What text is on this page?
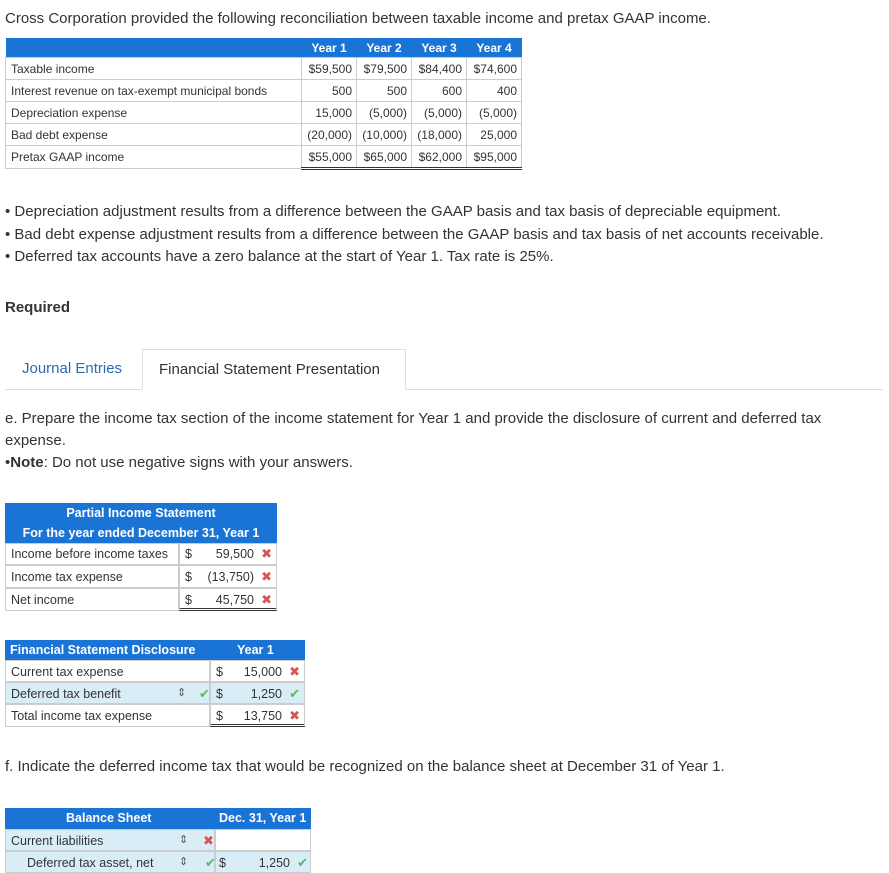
Cross Corporation provided the following reconciliation between taxable income and pretax GAAP income.
	Year 1	Year 2	Year 3	Year 4
Taxable income	$59,500	$79,500	$84,400	$74,600
Interest revenue on tax-exempt municipal bonds	500	500	600	400
Depreciation expense	15,000	(5,000)	(5,000)	(5,000)
Bad debt expense	(20,000)	(10,000)	(18,000)	25,000
Pretax GAAP income	$55,000	$65,000	$62,000	$95,000
• Depreciation adjustment results from a difference between the GAAP basis and tax basis of depreciable equipment.
• Bad debt expense adjustment results from a difference between the GAAP basis and tax basis of net accounts receivable.
• Deferred tax accounts have a zero balance at the start of Year 1. Tax rate is 25%.
Required
Journal Entries	Financial Statement Presentation
e. Prepare the income tax section of the income statement for Year 1 and provide the disclosure of current and deferred tax expense.
•Note: Do not use negative signs with your answers.
Partial Income Statement
For the year ended December 31, Year 1
Income before income taxes	$ 59,500 ✖
Income tax expense	$ (13,750) ✖
Net income	$ 45,750 ✖
Financial Statement Disclosure	Year 1
Current tax expense	$ 15,000 ✖
Deferred tax benefit	⇕ ✔ $ 1,250 ✔
Total income tax expense	$ 13,750 ✖
f. Indicate the deferred income tax that would be recognized on the balance sheet at December 31 of Year 1.
Balance Sheet	Dec. 31, Year 1
Current liabilities	⇕ ✖
Deferred tax asset, net ⇕ ✔ $	1,250 ✔
